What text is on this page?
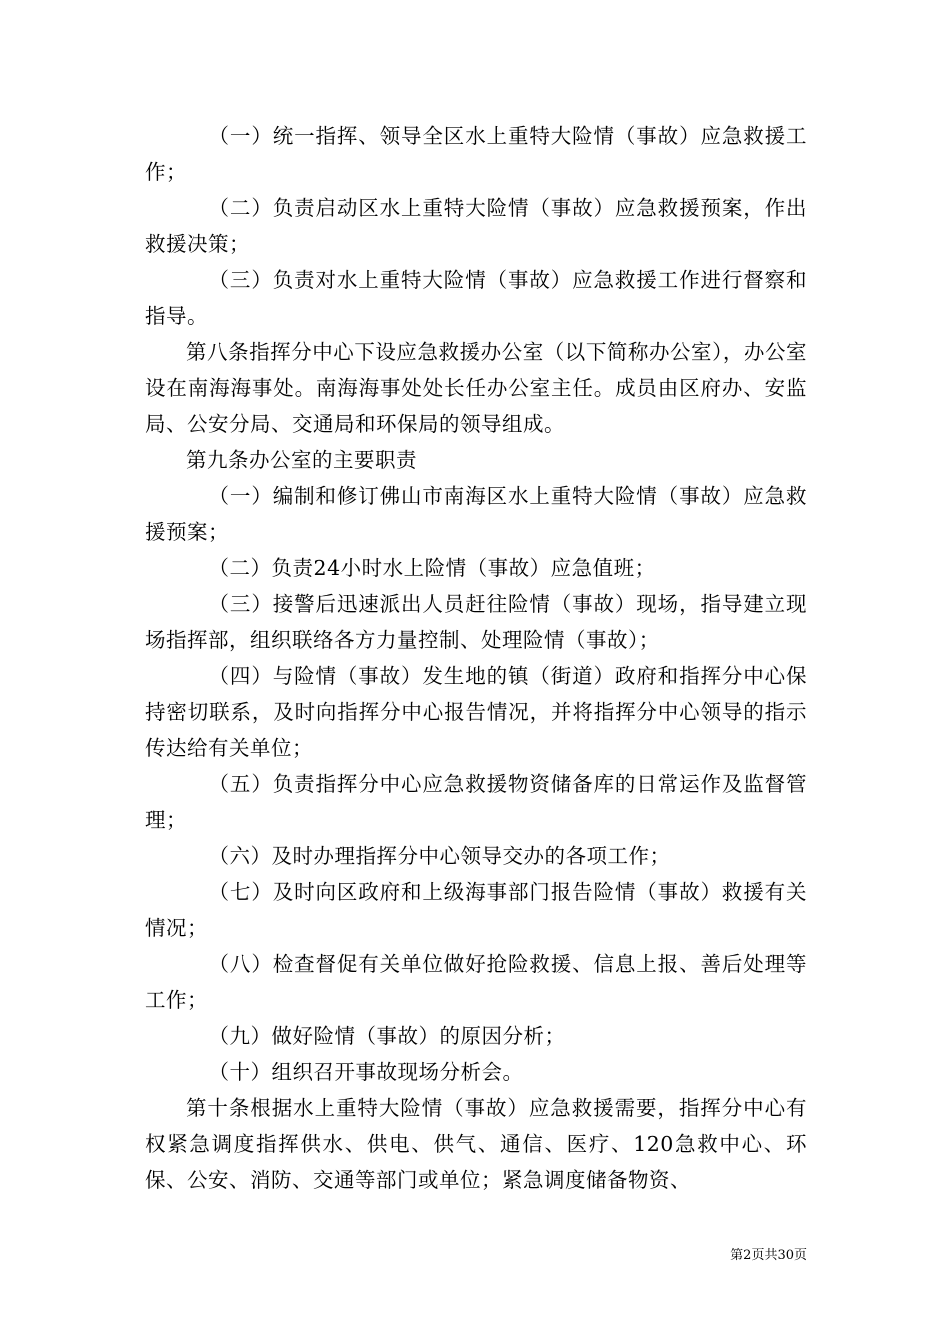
（一）统一指挥、领导全区水上重特大险情（事故）应急救援工作；

（二）负责启动区水上重特大险情（事故）应急救援预案，作出救援决策；

（三）负责对水上重特大险情（事故）应急救援工作进行督察和指导。

第八条指挥分中心下设应急救援办公室（以下简称办公室），办公室设在南海海事处。南海海事处处长任办公室主任。成员由区府办、安监局、公安分局、交通局和环保局的领导组成。

第九条办公室的主要职责

（一）编制和修订佛山市南海区水上重特大险情（事故）应急救援预案；

（二）负责24小时水上险情（事故）应急值班；

（三）接警后迅速派出人员赶往险情（事故）现场，指导建立现场指挥部，组织联络各方力量控制、处理险情（事故）；

（四）与险情（事故）发生地的镇（街道）政府和指挥分中心保持密切联系，及时向指挥分中心报告情况，并将指挥分中心领导的指示传达给有关单位；

（五）负责指挥分中心应急救援物资储备库的日常运作及监督管理；

（六）及时办理指挥分中心领导交办的各项工作；

（七）及时向区政府和上级海事部门报告险情（事故）救援有关情况；

（八）检查督促有关单位做好抢险救援、信息上报、善后处理等工作；

（九）做好险情（事故）的原因分析；

（十）组织召开事故现场分析会。

第十条根据水上重特大险情（事故）应急救援需要，指挥分中心有权紧急调度指挥供水、供电、供气、通信、医疗、120急救中心、环保、公安、消防、交通等部门或单位；紧急调度储备物资、

第2页共30页
